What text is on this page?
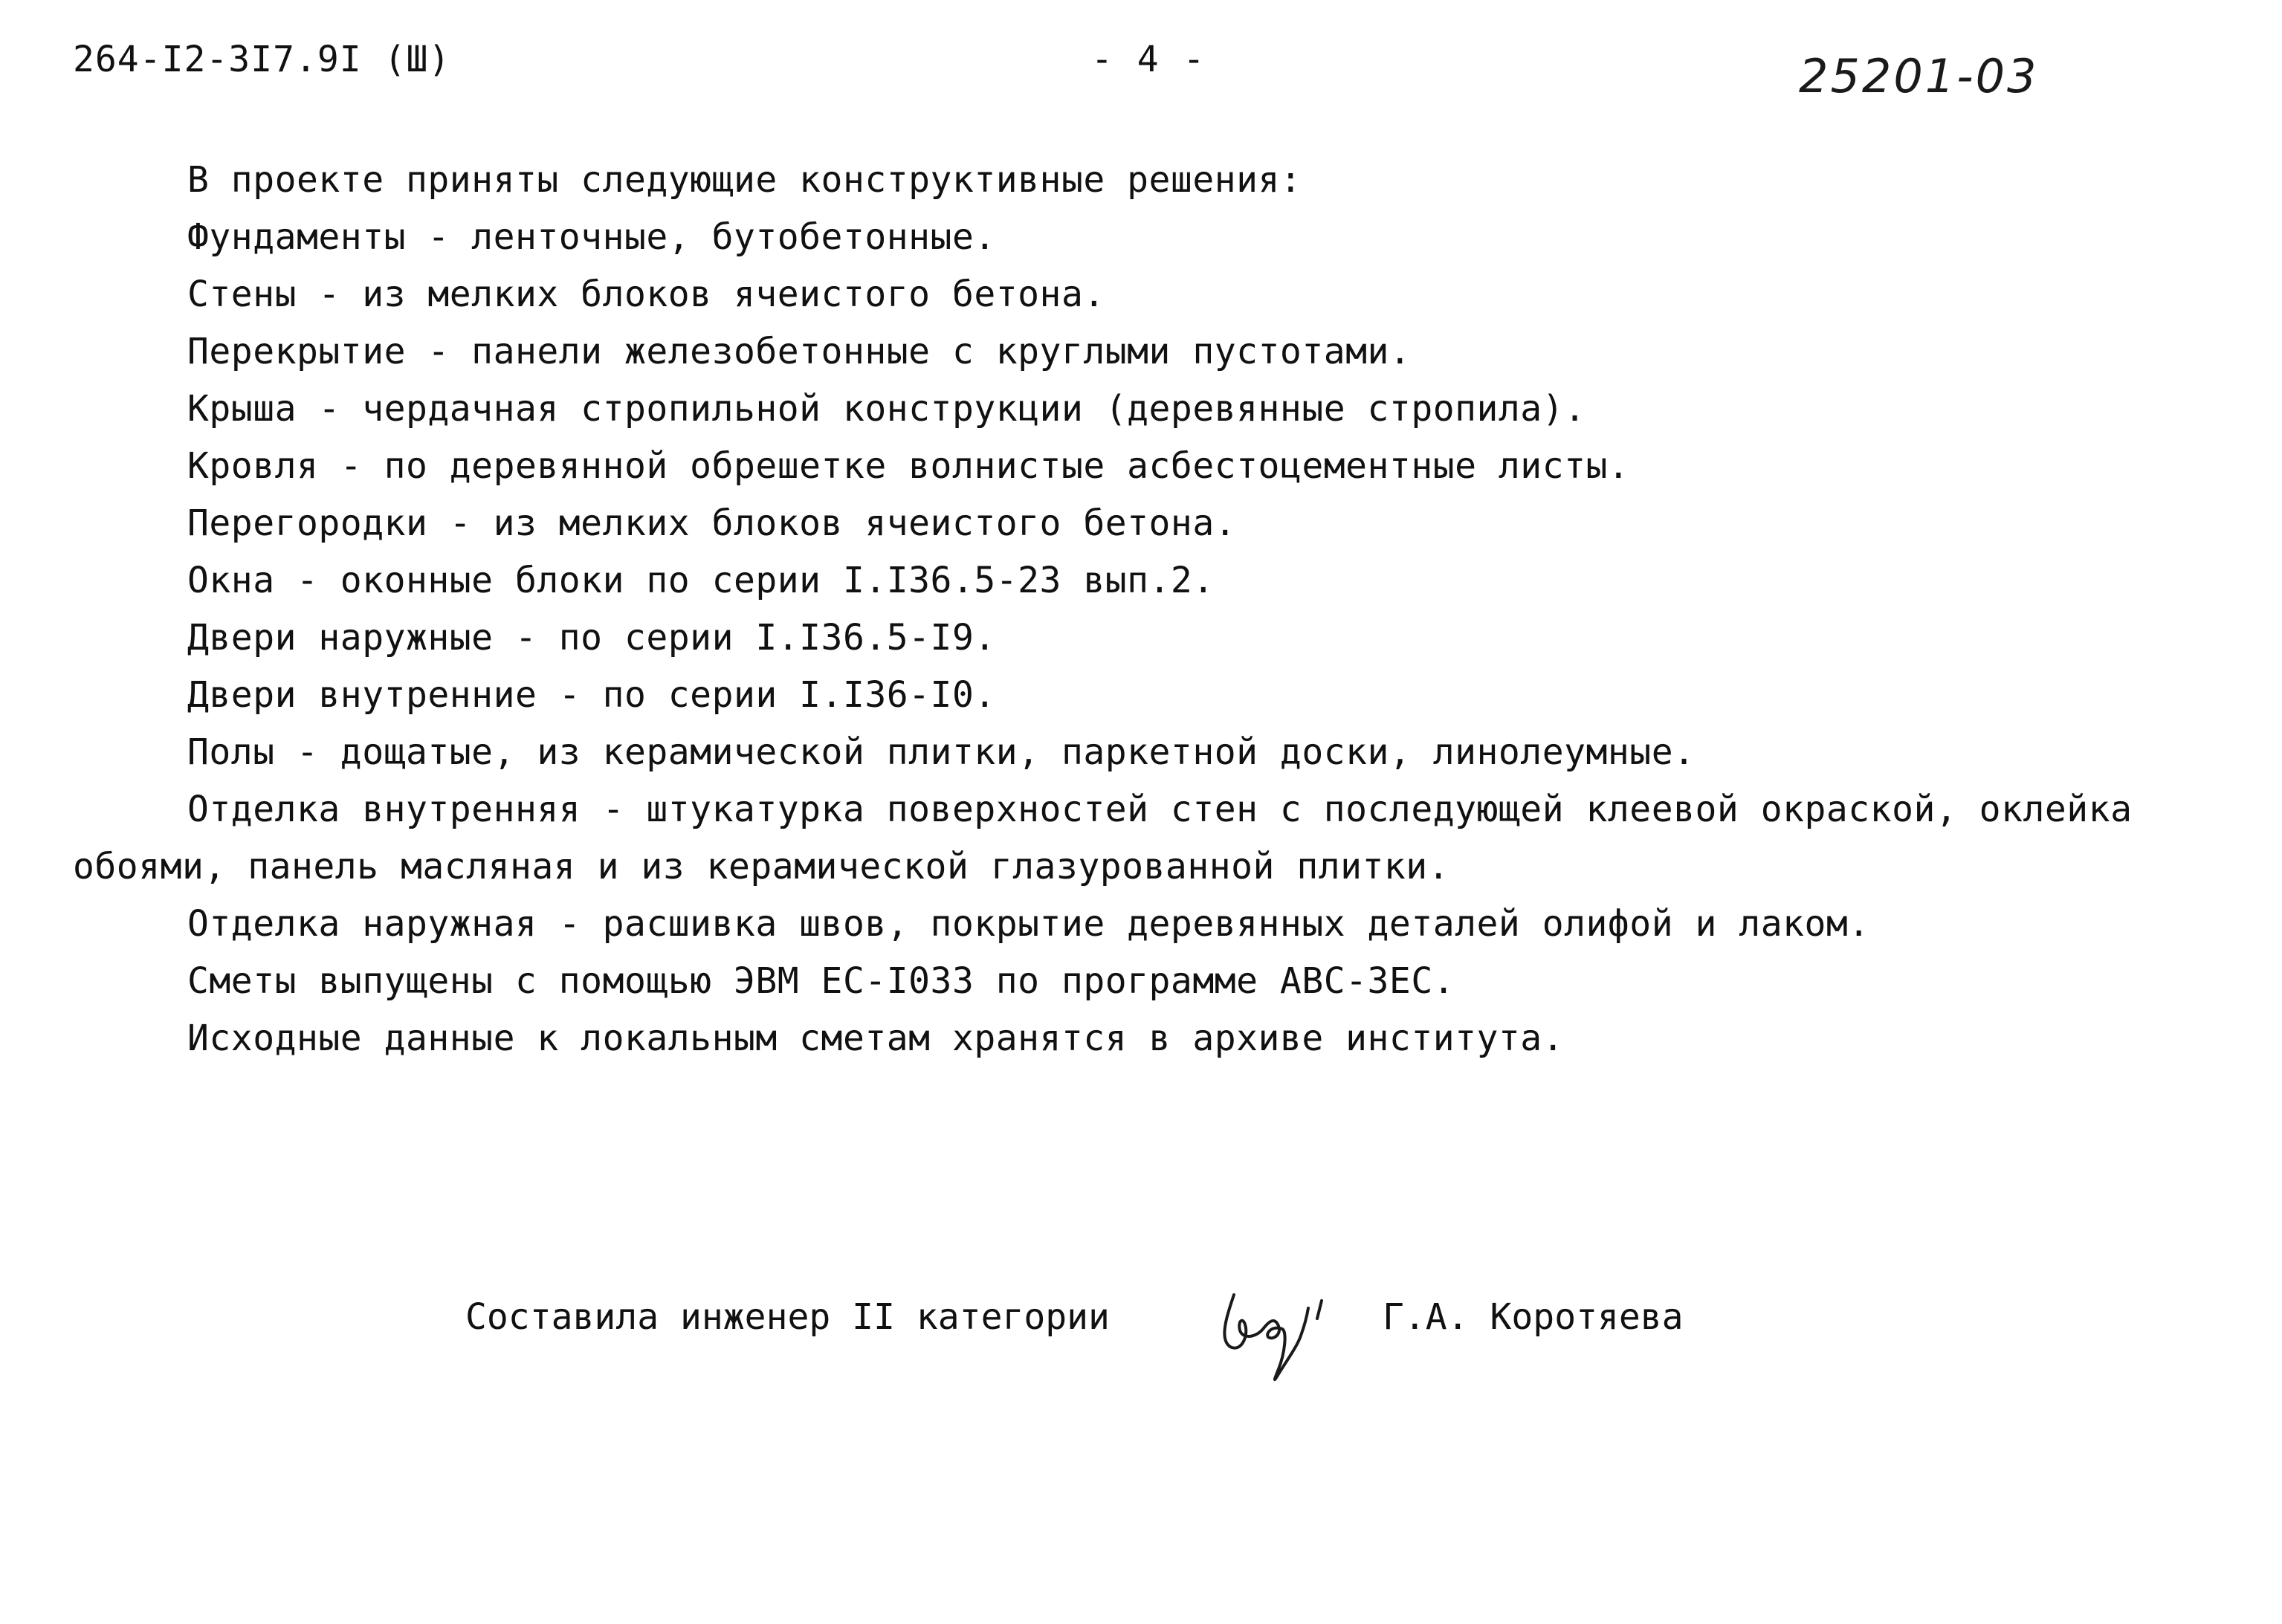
264-I2-3I7.9I (Ш)	- 4 -	25201-03
В проекте приняты следующие конструктивные решения:
Фундаменты - ленточные, бутобетонные.
Стены - из мелких блоков ячеистого бетона.
Перекрытие - панели железобетонные с круглыми пустотами.
Крыша - чердачная стропильной конструкции (деревянные стропила).
Кровля - по деревянной обрешетке волнистые асбестоцементные листы.
Перегородки - из мелких блоков ячеистого бетона.
Окна - оконные блоки по серии I.I36.5-23 вып.2.
Двери наружные - по серии I.I36.5-I9.
Двери внутренние - по серии I.I36-I0.
Полы - дощатые, из керамической плитки, паркетной доски, линолеумные.
Отделка внутренняя - штукатурка поверхностей стен с последующей клеевой окраской, оклейка
обоями, панель масляная и из керамической глазурованной плитки.
Отделка наружная - расшивка швов, покрытие деревянных деталей олифой и лаком.
Сметы выпущены с помощью ЭВМ ЕС-I033 по программе АВС-3ЕС.
Исходные данные к локальным сметам хранятся в архиве института.
Составила инженер II категории	Г.А. Коротяева
